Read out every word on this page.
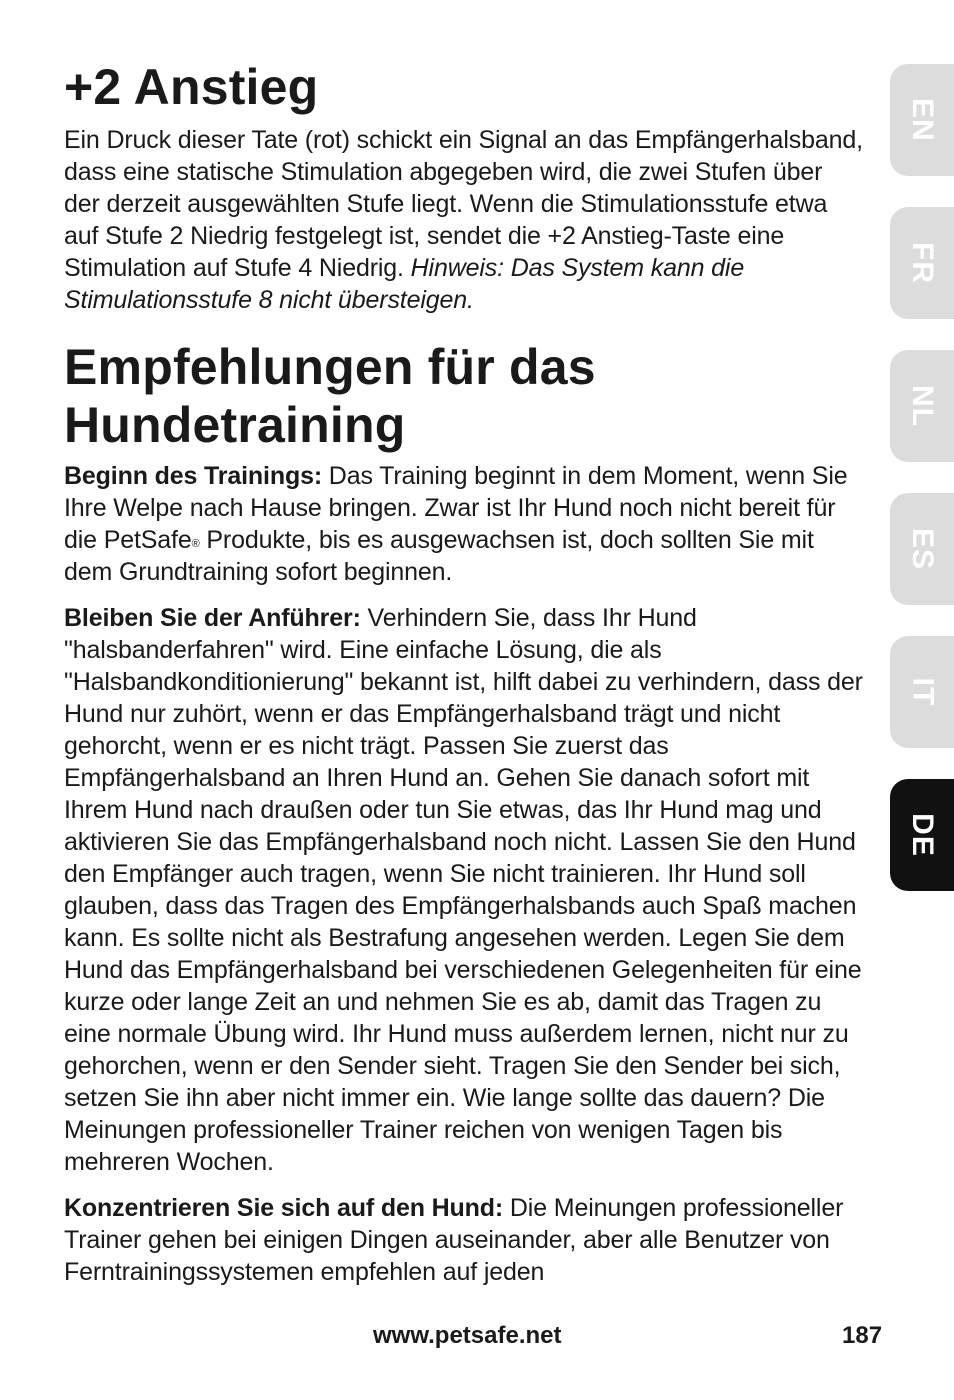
+2 Anstieg

Ein Druck dieser Tate (rot) schickt ein Signal an das Empfängerhalsband, dass eine statische Stimulation abgegeben wird, die zwei Stufen über der derzeit ausgewählten Stufe liegt. Wenn die Stimulationsstufe etwa auf Stufe 2 Niedrig festgelegt ist, sendet die +2 Anstieg-Taste eine Stimulation auf Stufe 4 Niedrig. Hinweis: Das System kann die Stimulationsstufe 8 nicht übersteigen.

Empfehlungen für das Hundetraining

Beginn des Trainings: Das Training beginnt in dem Moment, wenn Sie Ihre Welpe nach Hause bringen. Zwar ist Ihr Hund noch nicht bereit für die PetSafe® Produkte, bis es ausgewachsen ist, doch sollten Sie mit dem Grundtraining sofort beginnen.

Bleiben Sie der Anführer: Verhindern Sie, dass Ihr Hund "halsbanderfahren" wird. Eine einfache Lösung, die als "Halsbandkonditionierung" bekannt ist, hilft dabei zu verhindern, dass der Hund nur zuhört, wenn er das Empfängerhalsband trägt und nicht gehorcht, wenn er es nicht trägt. Passen Sie zuerst das Empfängerhalsband an Ihren Hund an. Gehen Sie danach sofort mit Ihrem Hund nach draußen oder tun Sie etwas, das Ihr Hund mag und aktivieren Sie das Empfängerhalsband noch nicht. Lassen Sie den Hund den Empfänger auch tragen, wenn Sie nicht trainieren. Ihr Hund soll glauben, dass das Tragen des Empfängerhalsbands auch Spaß machen kann. Es sollte nicht als Bestrafung angesehen werden. Legen Sie dem Hund das Empfängerhalsband bei verschiedenen Gelegenheiten für eine kurze oder lange Zeit an und nehmen Sie es ab, damit das Tragen zu eine normale Übung wird. Ihr Hund muss außerdem lernen, nicht nur zu gehorchen, wenn er den Sender sieht. Tragen Sie den Sender bei sich, setzen Sie ihn aber nicht immer ein. Wie lange sollte das dauern? Die Meinungen professioneller Trainer reichen von wenigen Tagen bis mehreren Wochen.

Konzentrieren Sie sich auf den Hund: Die Meinungen professioneller Trainer gehen bei einigen Dingen auseinander, aber alle Benutzer von Ferntrainingssystemen empfehlen auf jeden

EN
FR
NL
ES
IT
DE
www.petsafe.net	187
